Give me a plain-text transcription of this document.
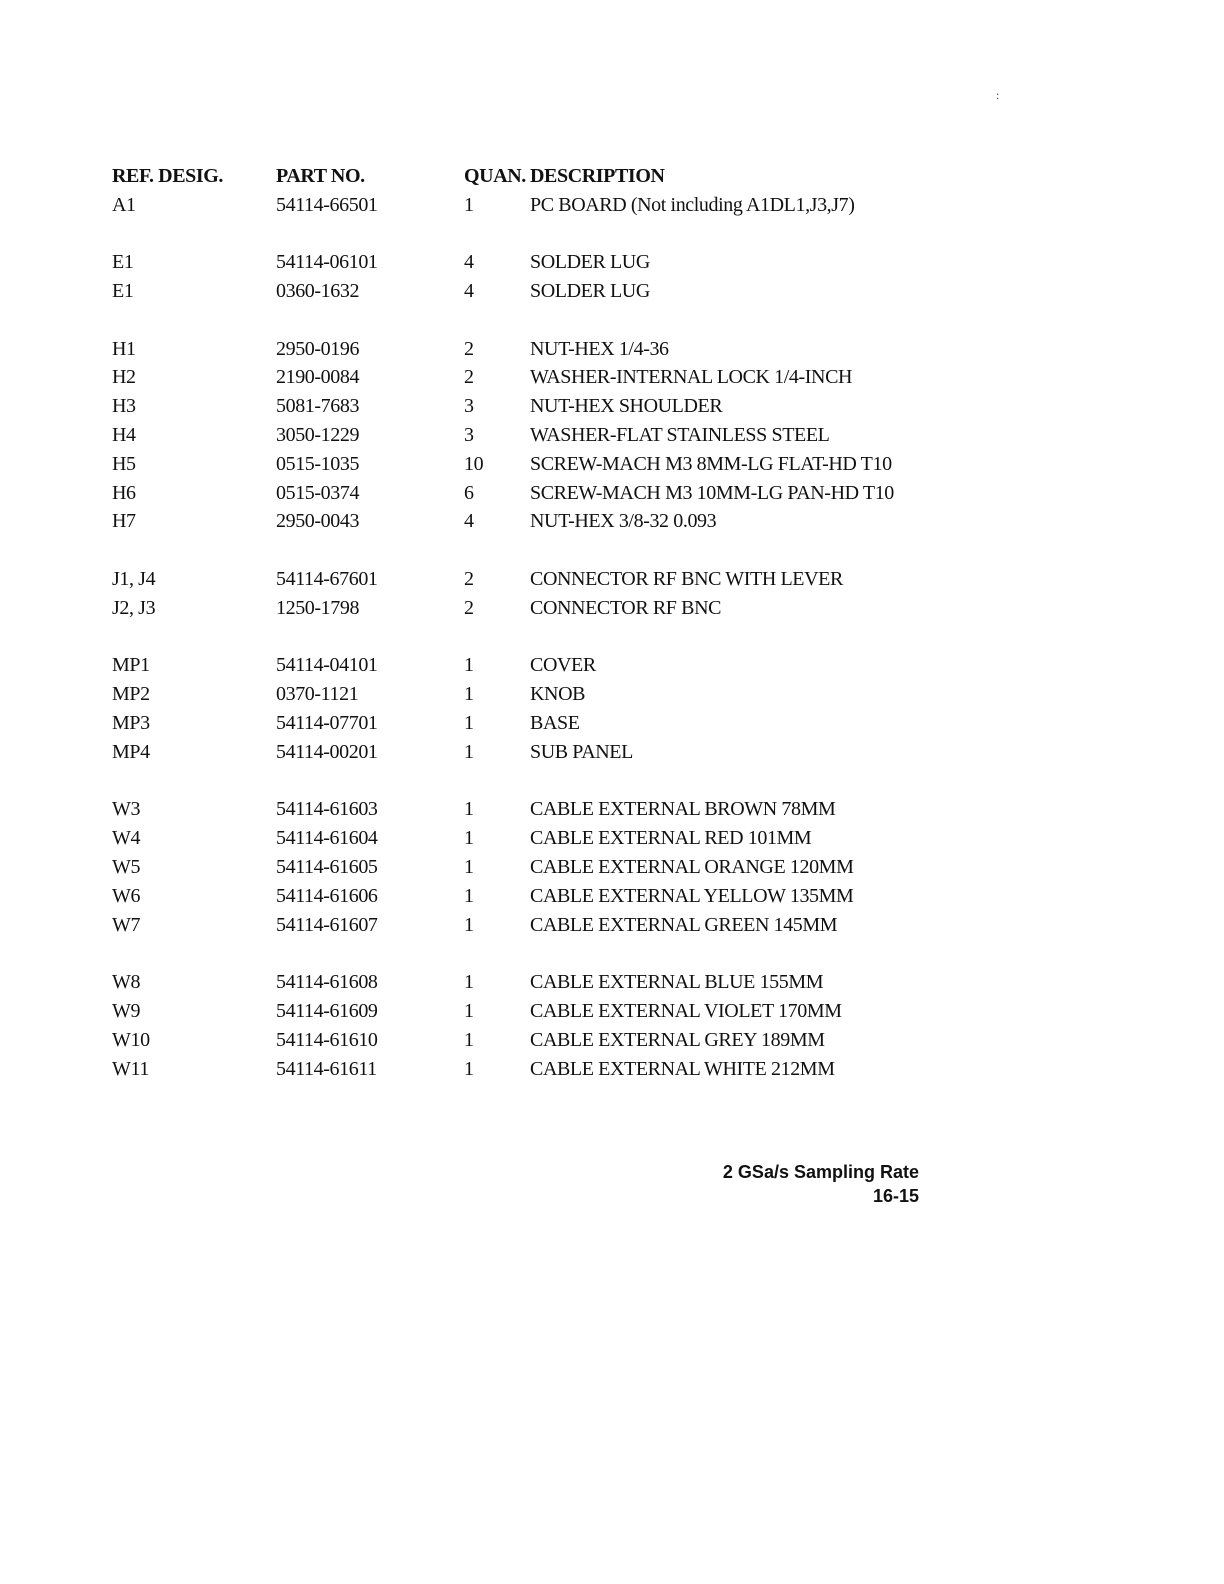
:
REF. DESIG.	PART NO.	QUAN.	DESCRIPTION
A1	54114-66501	1	PC BOARD (Not including A1DL1,J3,J7)

E1	54114-06101	4	SOLDER LUG
E1	0360-1632	4	SOLDER LUG

H1	2950-0196	2	NUT-HEX 1/4-36
H2	2190-0084	2	WASHER-INTERNAL LOCK 1/4-INCH
H3	5081-7683	3	NUT-HEX SHOULDER
H4	3050-1229	3	WASHER-FLAT STAINLESS STEEL
H5	0515-1035	10	SCREW-MACH M3 8MM-LG FLAT-HD T10
H6	0515-0374	6	SCREW-MACH M3 10MM-LG PAN-HD T10
H7	2950-0043	4	NUT-HEX 3/8-32 0.093

J1, J4	54114-67601	2	CONNECTOR RF BNC WITH LEVER
J2, J3	1250-1798	2	CONNECTOR RF BNC

MP1	54114-04101	1	COVER
MP2	0370-1121	1	KNOB
MP3	54114-07701	1	BASE
MP4	54114-00201	1	SUB PANEL

W3	54114-61603	1	CABLE EXTERNAL BROWN 78MM
W4	54114-61604	1	CABLE EXTERNAL RED 101MM
W5	54114-61605	1	CABLE EXTERNAL ORANGE 120MM
W6	54114-61606	1	CABLE EXTERNAL YELLOW 135MM
W7	54114-61607	1	CABLE EXTERNAL GREEN 145MM

W8	54114-61608	1	CABLE EXTERNAL BLUE 155MM
W9	54114-61609	1	CABLE EXTERNAL VIOLET 170MM
W10	54114-61610	1	CABLE EXTERNAL GREY 189MM
W11	54114-61611	1	CABLE EXTERNAL WHITE 212MM
2 GSa/s Sampling Rate
16-15
